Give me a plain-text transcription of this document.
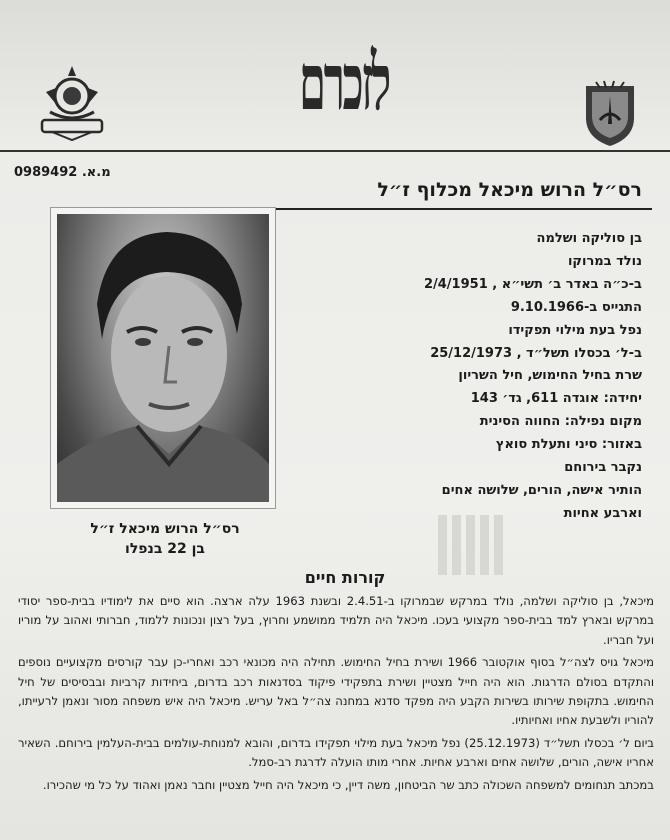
לזכרם
מ.א. 0989492
רס״ל הרוש מיכאל מכלוף ז״ל
רס״ל הרוש מיכאל ז״ל
בן 22 בנפלו
בן סוליקה ושלמה
נולד במרוקו
ב-כ״ה באדר ב׳ תשי״א , 2/4/1951
התגייס ב-9.10.1966
נפל בעת מילוי תפקידו
ב-ל׳ בכסלו תשל״ד , 25/12/1973
שרת בחיל החימוש, חיל השריון
יחידה: אוגדה 611, גד׳ 143
מקום נפילה: החווה הסינית
באזור: סיני ותעלת סואץ
נקבר בירוחם
הותיר אישה, הורים, שלושה אחים
וארבע אחיות
קורות חיים

מיכאל, בן סוליקה ושלמה, נולד במרקש שבמרוקו ב-2.4.51 ובשנת 1963 עלה ארצה. הוא סיים את לימודיו בבית-ספר יסודי במרקש ובארץ למד בבית-ספר מקצועי בעכו. מיכאל היה תלמיד ממושמע וחרוץ, בעל רצון ונכונות ללמוד, חברותי ואהוב על מוריו ועל חבריו.

מיכאל גויס לצה״ל בסוף אוקטובר 1966 ושירת בחיל החימוש. תחילה היה מכונאי רכב ואחרי-כן עבר קורסים מקצועיים נוספים והתקדם בסולם הדרגות. הוא היה חייל מצטיין ושירת בתפקידי פיקוד בסדנאות רכב בדרום, ביחידות קרביות ובבסיסים של חיל החימוש. בתקופת שירותו בשירות הקבע היה מפקד סדנא במחנה צה״ל באל עריש. מיכאל היה איש משפחה מסור ונאמן לרעייתו, להוריו ולשבעת אחיו ואחיותיו.

ביום ל׳ בכסלו תשל״ד (25.12.1973) נפל מיכאל בעת מילוי תפקידו בדרום, והובא למנוחת-עולמים בבית-העלמין בירוחם. השאיר אחריו אישה, הורים, שלושה אחים וארבע אחיות. אחרי מותו הועלה לדרגת רב-סמל.

במכתב תנחומים למשפחה השכולה כתב שר הביטחון, משה דיין, כי מיכאל היה חייל מצטיין וחבר נאמן ואהוד על כל מי שהכירו.
